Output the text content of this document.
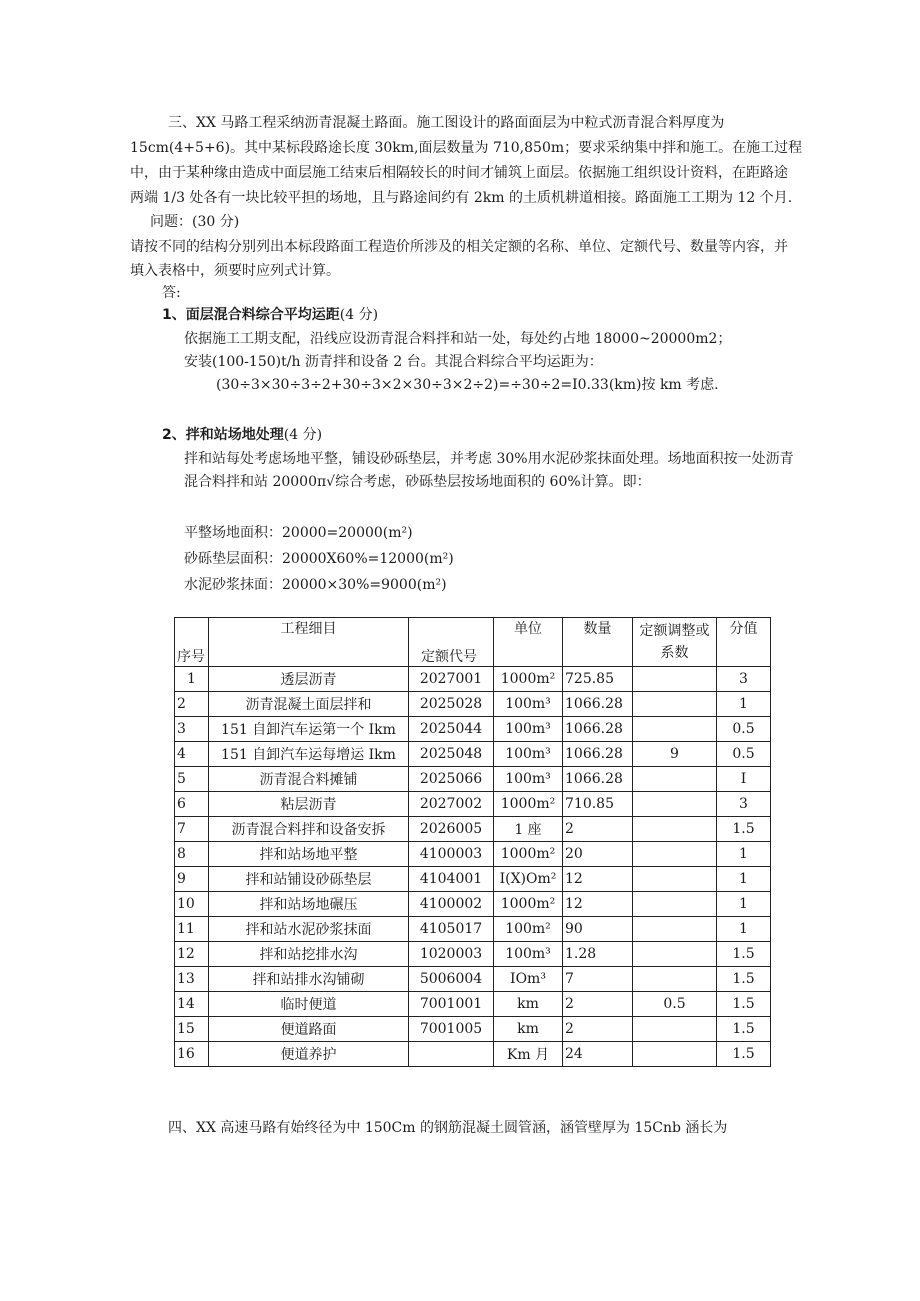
三、XX 马路工程采纳沥青混凝土路面。施工图设计的路面面层为中粒式沥青混合料厚度为
15cm(4+5+6)。其中某标段路途长度 30km,面层数量为 710,850m；要求采纳集中拌和施工。在施工过程
中，由于某种缘由造成中面层施工结束后相隔较长的时间才铺筑上面层。依据施工组织设计资料，在距路途
两端 1/3 处各有一块比较平担的场地，且与路途间约有 2km 的土质机耕道相接。路面施工工期为 12 个月.
问题：(30 分)
请按不同的结构分别列出本标段路面工程造价所涉及的相关定额的名称、单位、定额代号、数量等内容，并
填入表格中，须要时应列式计算。
答:
1、面层混合料综合平均运距(4 分)
依据施工工期支配，沿线应设沥青混合料拌和站一处，每处约占地 18000~20000m2；
安装(100-150)t/h 沥青拌和设备 2 台。其混合料综合平均运距为：
(30÷3×30÷3÷2+30÷3×2×30÷3×2÷2)=÷30÷2=I0.33(km)按 km 考虑.
2、拌和站场地处理(4 分)
拌和站每处考虑场地平整，铺设砂砾垫层，并考虑 30%用水泥砂浆抹面处理。场地面积按一处沥青
混合料拌和站 20000π√综合考虑，砂砾垫层按场地面积的 60%计算。即：
平整场地面积：20000=20000(m²)
砂砾垫层面积：20000X60%=12000(m²)
水泥砂浆抹面：20000×30%=9000(m²)
序号	工程细目	定额代号	单位	数量	定额调整或系数	分值
1	透层沥青	2027001	1000m²	725.85		3
2	沥青混凝土面层拌和	2025028	100m³	1066.28		1
3	151 自卸汽车运第一个 Ikm	2025044	100m³	1066.28		0.5
4	151 自卸汽车运每增运 Ikm	2025048	100m³	1066.28	9	0.5
5	沥青混合料摊铺	2025066	100m³	1066.28		I
6	粘层沥青	2027002	1000m²	710.85		3
7	沥青混合料拌和设备安拆	2026005	1 座	2		1.5
8	拌和站场地平整	4100003	1000m²	20		1
9	拌和站铺设砂砾垫层	4104001	I(X)Om²	12		1
10	拌和站场地碾压	4100002	1000m²	12		1
11	拌和站水泥砂浆抹面	4105017	100m²	90		1
12	拌和站挖排水沟	1020003	100m³	1.28		1.5
13	拌和站排水沟铺砌	5006004	IOm³	7		1.5
14	临时便道	7001001	km	2	0.5	1.5
15	便道路面	7001005	km	2		1.5
16	便道养护		Km 月	24		1.5
四、XX 高速马路有始终径为中 150Cm 的钢筋混凝土圆管涵，涵管壁厚为 15Cnb 涵长为
